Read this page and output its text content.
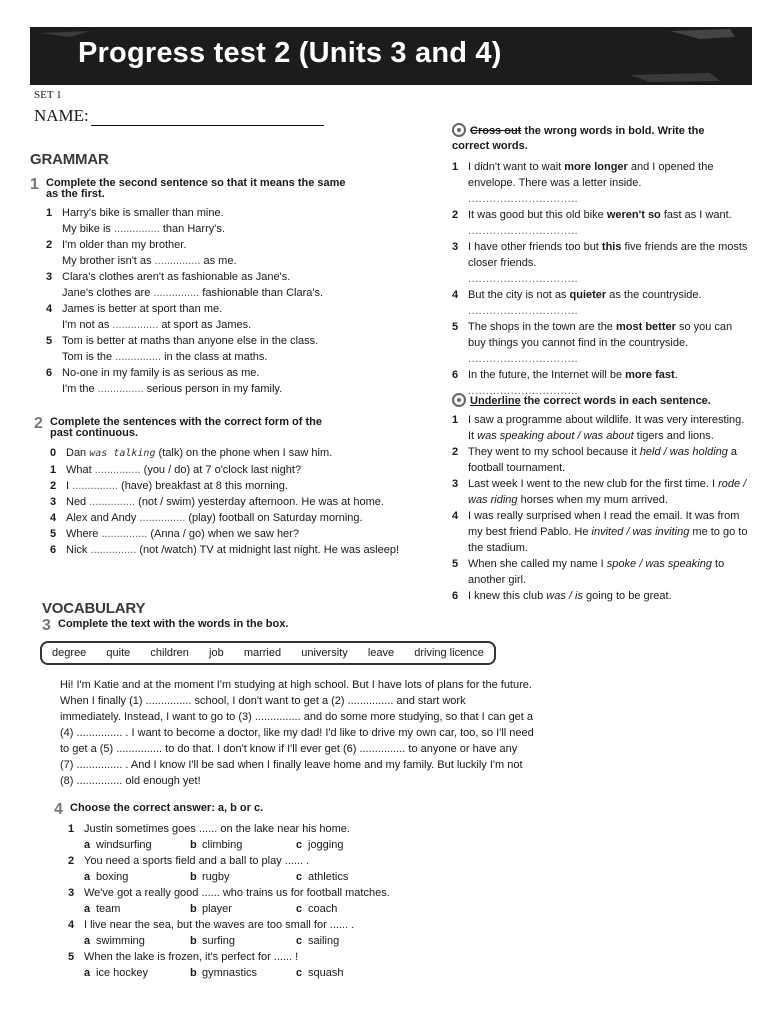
Progress test 2 (Units 3 and 4)
SET 1
NAME:
GRAMMAR
1 Complete the second sentence so that it means the same as the first.
1 Harry's bike is smaller than mine.
My bike is ............... than Harry's.
2 I'm older than my brother.
My brother isn't as ............... as me.
3 Clara's clothes aren't as fashionable as Jane's.
Jane's clothes are ............... fashionable than Clara's.
4 James is better at sport than me.
I'm not as ............... at sport as James.
5 Tom is better at maths than anyone else in the class.
Tom is the ............... in the class at maths.
6 No-one in my family is as serious as me.
I'm the ............... serious person in my family.
2 Complete the sentences with the correct form of the past continuous.
0 Dan was talking (talk) on the phone when I saw him.
1 What ............... (you / do) at 7 o'clock last night?
2 I ............... (have) breakfast at 8 this morning.
3 Ned ............... (not / swim) yesterday afternoon. He was at home.
4 Alex and Andy ............... (play) football on Saturday morning.
5 Where ............... (Anna / go) when we saw her?
6 Nick ............... (not /watch) TV at midnight last night. He was asleep!
Cross out the wrong words in bold. Write the correct words.
1 I didn't want to wait more longer and I opened the envelope. There was a letter inside.
...............................
2 It was good but this old bike weren't so fast as I want.
...............................
3 I have other friends too but this five friends are the mosts closer friends.
...............................
4 But the city is not as quieter as the countryside.
...............................
5 The shops in the town are the most better so you can buy things you cannot find in the countryside.
...............................
6 In the future, the Internet will be more fast.
...............................
Underline the correct words in each sentence.
1 I saw a programme about wildlife. It was very interesting. It was speaking about / was about tigers and lions.
2 They went to my school because it held / was holding a football tournament.
3 Last week I went to the new club for the first time. I rode / was riding horses when my mum arrived.
4 I was really surprised when I read the email. It was from my best friend Pablo. He invited / was inviting me to go to the stadium.
5 When she called my name I spoke / was speaking to another girl.
6 I knew this club was / is going to be great.
VOCABULARY
3 Complete the text with the words in the box.
degree quite children job married university leave driving licence
Hi! I'm Katie and at the moment I'm studying at high school. But I have lots of plans for the future.
When I finally (1) ............... school, I don't want to get a (2) ............... and start work
immediately. Instead, I want to go to (3) ............... and do some more studying, so that I can get a
(4) ............... . I want to become a doctor, like my dad! I'd like to drive my own car, too, so I'll need
to get a (5) ............... to do that. I don't know if I'll ever get (6) ............... to anyone or have any
(7) ............... . And I know I'll be sad when I finally leave home and my family. But luckily I'm not
(8) ............... old enough yet!
4 Choose the correct answer: a, b or c.
1 Justin sometimes goes ...... on the lake near his home.
a windsurfing	b climbing	c jogging
2 You need a sports field and a ball to play ...... .
a boxing	b rugby	c athletics
3 We've got a really good ...... who trains us for football matches.
a team	b player	c coach
4 I live near the sea, but the waves are too small for ...... .
a swimming	b surfing	c sailing
5 When the lake is frozen, it's perfect for ...... !
a ice hockey	b gymnastics	c squash
